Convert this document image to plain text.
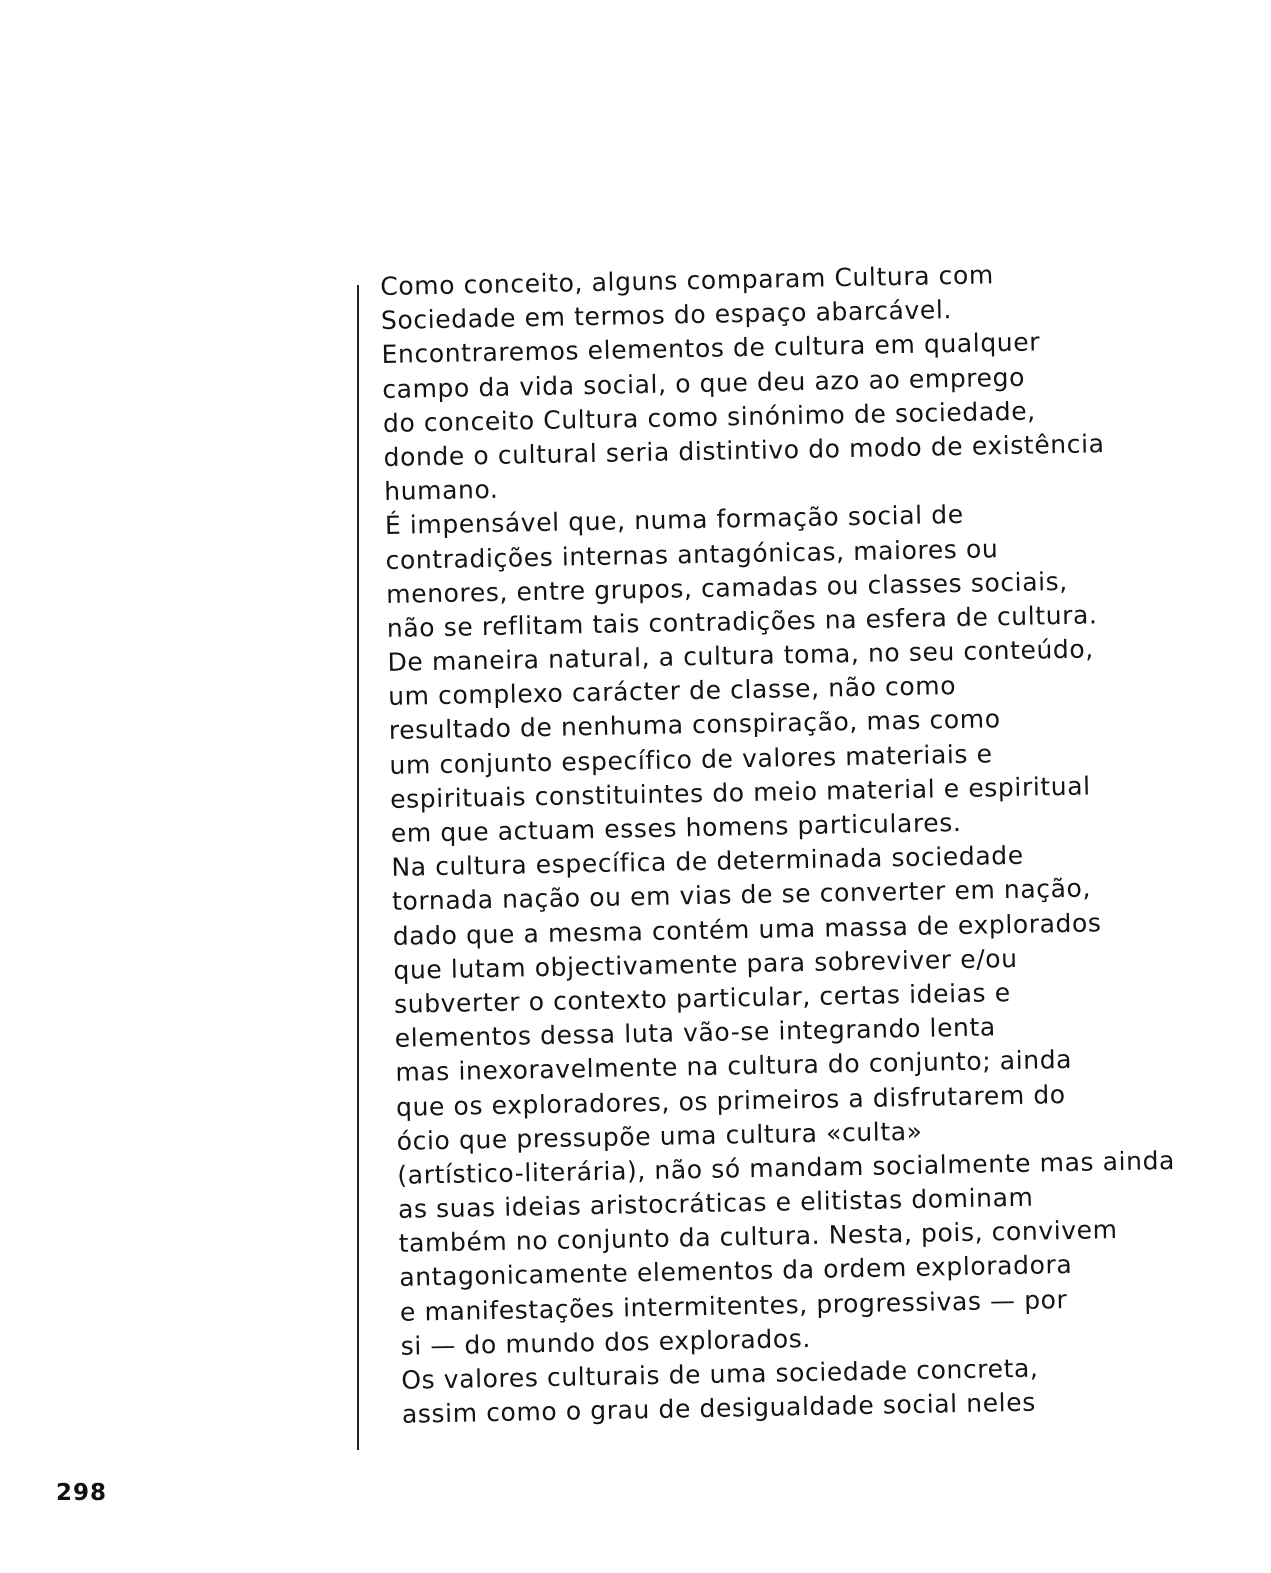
Como conceito, alguns comparam Cultura com
Sociedade em termos do espaço abarcável.
Encontraremos elementos de cultura em qualquer
campo da vida social, o que deu azo ao emprego
do conceito Cultura como sinónimo de sociedade,
donde o cultural seria distintivo do modo de existência
humano.
É impensável que, numa formação social de
contradições internas antagónicas, maiores ou
menores, entre grupos, camadas ou classes sociais,
não se reflitam tais contradições na esfera de cultura.
De maneira natural, a cultura toma, no seu conteúdo,
um complexo carácter de classe, não como
resultado de nenhuma conspiração, mas como
um conjunto específico de valores materiais e
espirituais constituintes do meio material e espiritual
em que actuam esses homens particulares.
Na cultura específica de determinada sociedade
tornada nação ou em vias de se converter em nação,
dado que a mesma contém uma massa de explorados
que lutam objectivamente para sobreviver e/ou
subverter o contexto particular, certas ideias e
elementos dessa luta vão-se integrando lenta
mas inexoravelmente na cultura do conjunto; ainda
que os exploradores, os primeiros a disfrutarem do
ócio que pressupõe uma cultura «culta»
(artístico-literária), não só mandam socialmente mas ainda
as suas ideias aristocráticas e elitistas dominam
também no conjunto da cultura. Nesta, pois, convivem
antagonicamente elementos da ordem exploradora
e manifestações intermitentes, progressivas — por
si — do mundo dos explorados.
Os valores culturais de uma sociedade concreta,
assim como o grau de desigualdade social neles
298
